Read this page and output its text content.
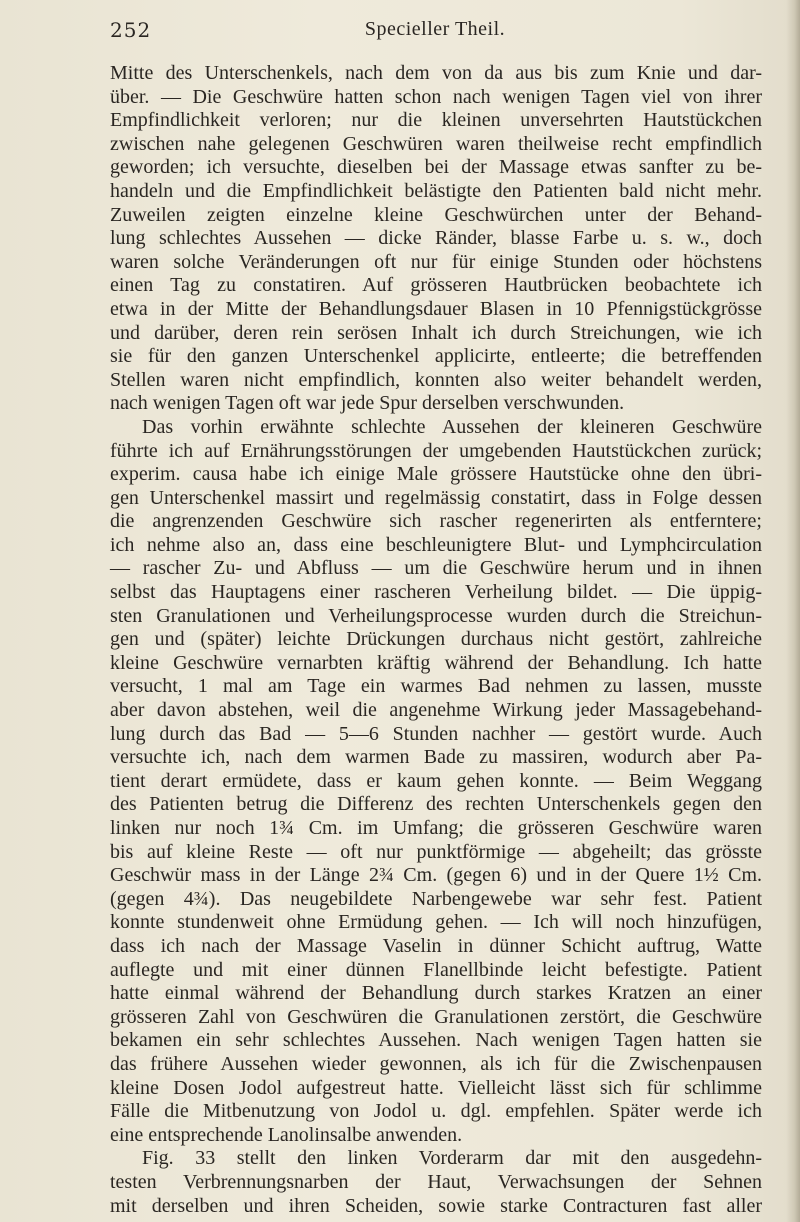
252	Specieller Theil.
Mitte des Unterschenkels, nach dem von da aus bis zum Knie und dar-
über. — Die Geschwüre hatten schon nach wenigen Tagen viel von ihrer
Empfindlichkeit verloren; nur die kleinen unversehrten Hautstückchen
zwischen nahe gelegenen Geschwüren waren theilweise recht empfindlich
geworden; ich versuchte, dieselben bei der Massage etwas sanfter zu be-
handeln und die Empfindlichkeit belästigte den Patienten bald nicht mehr.
Zuweilen zeigten einzelne kleine Geschwürchen unter der Behand-
lung schlechtes Aussehen — dicke Ränder, blasse Farbe u. s. w., doch
waren solche Veränderungen oft nur für einige Stunden oder höchstens
einen Tag zu constatiren. Auf grösseren Hautbrücken beobachtete ich
etwa in der Mitte der Behandlungsdauer Blasen in 10 Pfennigstückgrösse
und darüber, deren rein serösen Inhalt ich durch Streichungen, wie ich
sie für den ganzen Unterschenkel applicirte, entleerte; die betreffenden
Stellen waren nicht empfindlich, konnten also weiter behandelt werden,
nach wenigen Tagen oft war jede Spur derselben verschwunden.
Das vorhin erwähnte schlechte Aussehen der kleineren Geschwüre
führte ich auf Ernährungsstörungen der umgebenden Hautstückchen zurück;
experim. causa habe ich einige Male grössere Hautstücke ohne den übri-
gen Unterschenkel massirt und regelmässig constatirt, dass in Folge dessen
die angrenzenden Geschwüre sich rascher regenerirten als entferntere;
ich nehme also an, dass eine beschleunigtere Blut- und Lymphcirculation
— rascher Zu- und Abfluss — um die Geschwüre herum und in ihnen
selbst das Hauptagens einer rascheren Verheilung bildet. — Die üppig-
sten Granulationen und Verheilungsprocesse wurden durch die Streichun-
gen und (später) leichte Drückungen durchaus nicht gestört, zahlreiche
kleine Geschwüre vernarbten kräftig während der Behandlung. Ich hatte
versucht, 1 mal am Tage ein warmes Bad nehmen zu lassen, musste
aber davon abstehen, weil die angenehme Wirkung jeder Massagebehand-
lung durch das Bad — 5—6 Stunden nachher — gestört wurde. Auch
versuchte ich, nach dem warmen Bade zu massiren, wodurch aber Pa-
tient derart ermüdete, dass er kaum gehen konnte. — Beim Weggang
des Patienten betrug die Differenz des rechten Unterschenkels gegen den
linken nur noch 1¾ Cm. im Umfang; die grösseren Geschwüre waren
bis auf kleine Reste — oft nur punktförmige — abgeheilt; das grösste
Geschwür mass in der Länge 2¾ Cm. (gegen 6) und in der Quere 1½ Cm.
(gegen 4¾). Das neugebildete Narbengewebe war sehr fest. Patient
konnte stundenweit ohne Ermüdung gehen. — Ich will noch hinzufügen,
dass ich nach der Massage Vaselin in dünner Schicht auftrug, Watte
auflegte und mit einer dünnen Flanellbinde leicht befestigte. Patient
hatte einmal während der Behandlung durch starkes Kratzen an einer
grösseren Zahl von Geschwüren die Granulationen zerstört, die Geschwüre
bekamen ein sehr schlechtes Aussehen. Nach wenigen Tagen hatten sie
das frühere Aussehen wieder gewonnen, als ich für die Zwischenpausen
kleine Dosen Jodol aufgestreut hatte. Vielleicht lässt sich für schlimme
Fälle die Mitbenutzung von Jodol u. dgl. empfehlen. Später werde ich
eine entsprechende Lanolinsalbe anwenden.
Fig. 33 stellt den linken Vorderarm dar mit den ausgedehn-
testen Verbrennungsnarben der Haut, Verwachsungen der Sehnen
mit derselben und ihren Scheiden, sowie starke Contracturen fast aller
